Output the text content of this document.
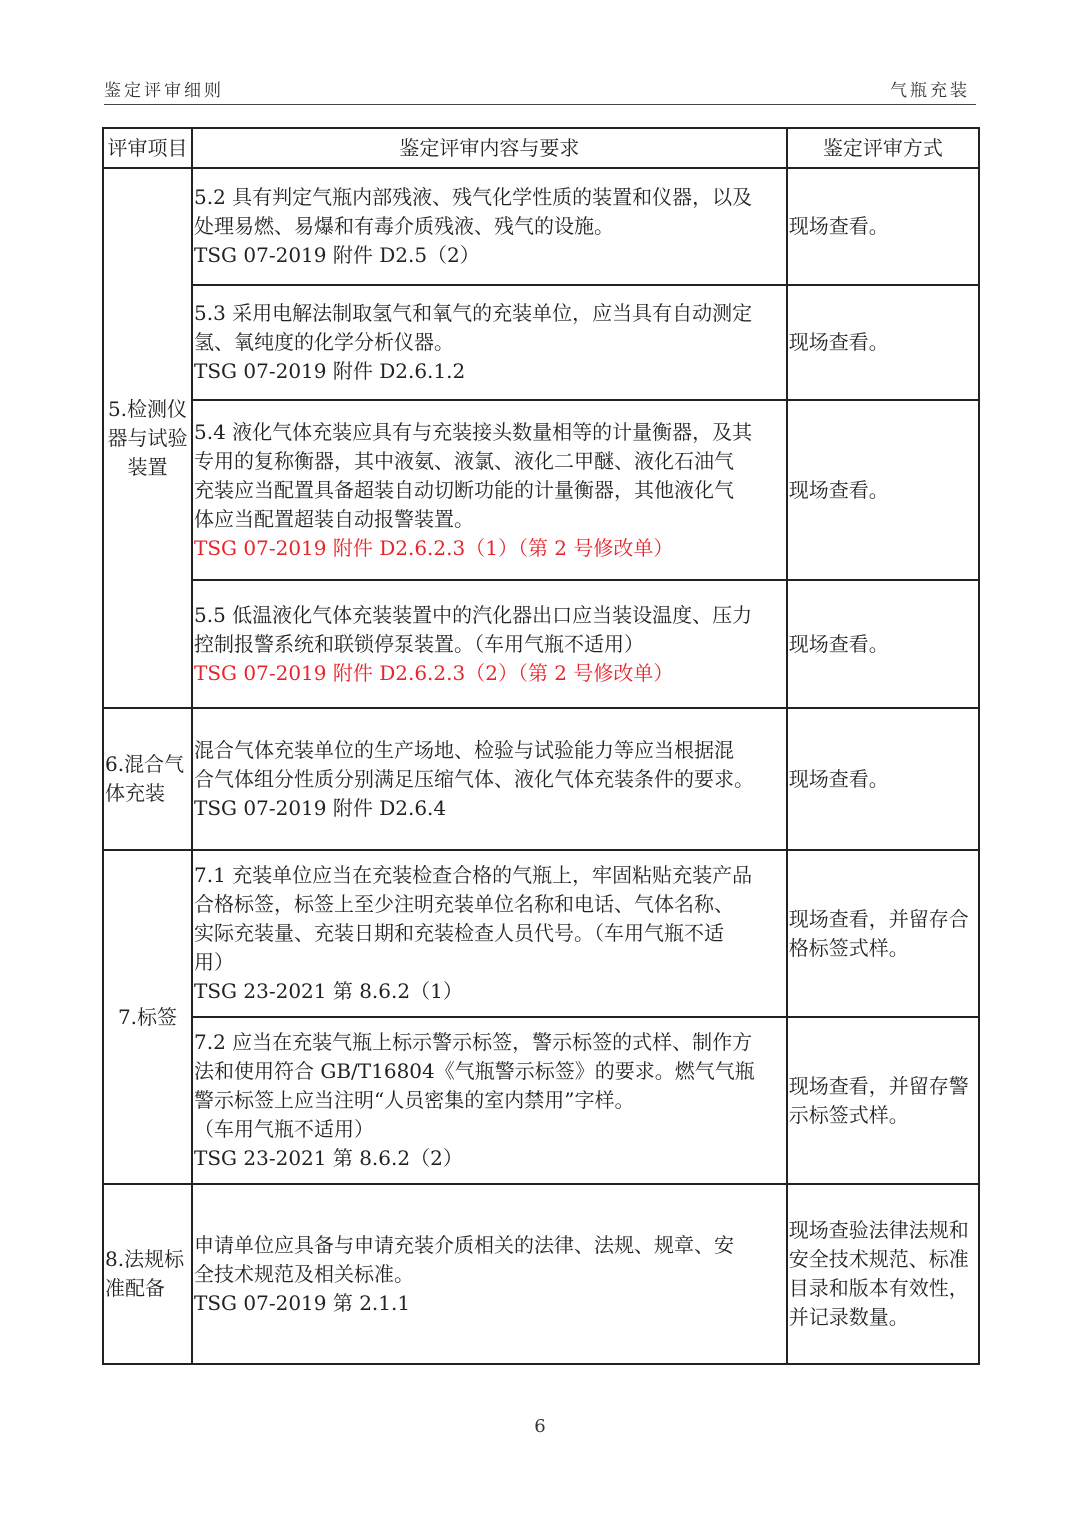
鉴定评审细则	气瓶充装
评审项目	鉴定评审内容与要求	鉴定评审方式
5.检测仪器与试验装置	5.2 具有判定气瓶内部残液、残气化学性质的装置和仪器，以及
处理易燃、易爆和有毒介质残液、残气的设施。
TSG 07-2019 附件 D2.5（2）	现场查看。

	5.3 采用电解法制取氢气和氧气的充装单位，应当具有自动测定
氢、氧纯度的化学分析仪器。
TSG 07-2019 附件 D2.6.1.2	现场查看。

	5.4 液化气体充装应具有与充装接头数量相等的计量衡器，及其
专用的复称衡器，其中液氨、液氯、液化二甲醚、液化石油气
充装应当配置具备超装自动切断功能的计量衡器，其他液化气
体应当配置超装自动报警装置。
TSG 07-2019 附件 D2.6.2.3（1）（第 2 号修改单）	现场查看。

	5.5 低温液化气体充装装置中的汽化器出口应当装设温度、压力
控制报警系统和联锁停泵装置。（车用气瓶不适用）
TSG 07-2019 附件 D2.6.2.3（2）（第 2 号修改单）	现场查看。
6.混合气体充装	混合气体充装单位的生产场地、检验与试验能力等应当根据混
合气体组分性质分别满足压缩气体、液化气体充装条件的要求。
TSG 07-2019 附件 D2.6.4	现场查看。
7.标签	7.1 充装单位应当在充装检查合格的气瓶上，牢固粘贴充装产品
合格标签，标签上至少注明充装单位名称和电话、气体名称、
实际充装量、充装日期和充装检查人员代号。（车用气瓶不适
用）
TSG 23-2021 第 8.6.2（1）	现场查看，并留存合格标签式样。

	7.2 应当在充装气瓶上标示警示标签，警示标签的式样、制作方
法和使用符合 GB/T16804《气瓶警示标签》的要求。燃气气瓶
警示标签上应当注明“人员密集的室内禁用”字样。
（车用气瓶不适用）
TSG 23-2021 第 8.6.2（2）	现场查看，并留存警示标签式样。
8.法规标准配备	申请单位应具备与申请充装介质相关的法律、法规、规章、安
全技术规范及相关标准。
TSG 07-2019 第 2.1.1	现场查验法律法规和安全技术规范、标准目录和版本有效性，并记录数量。
6
